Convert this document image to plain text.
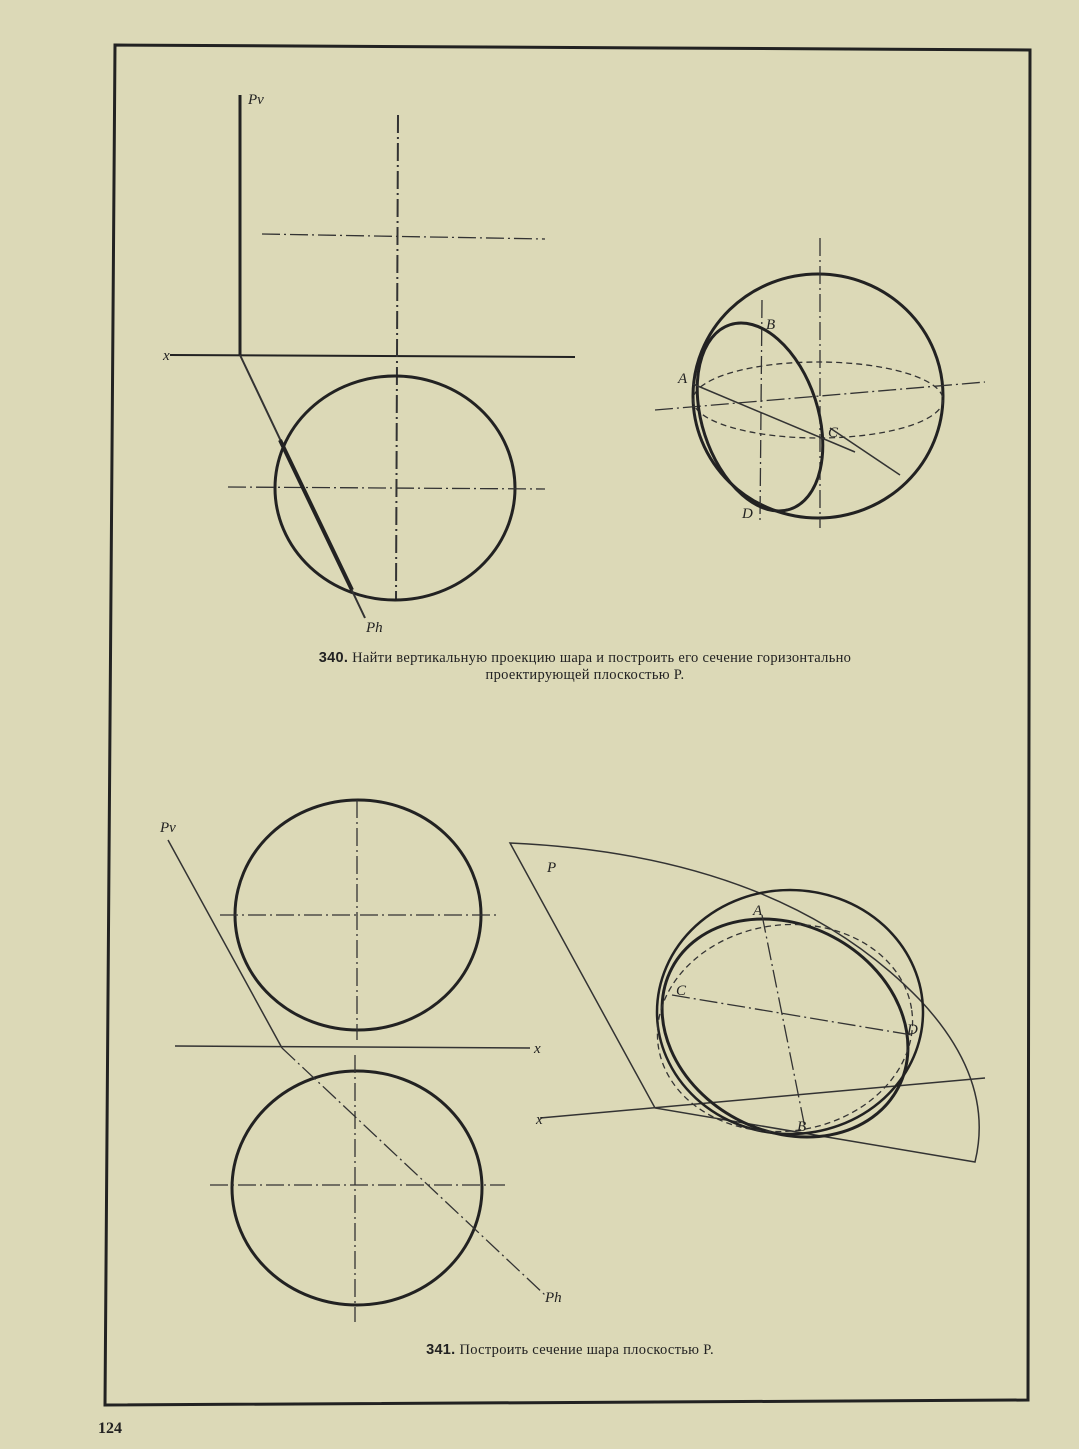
Pv
x
Ph
A
B
C
D
Pv
Ph
x
A
C
D
B
P
x
340. Найти вертикальную проекцию шара и построить его сечение горизонтально
проектирующей плоскостью P.
341. Построить сечение шара плоскостью P.
124
